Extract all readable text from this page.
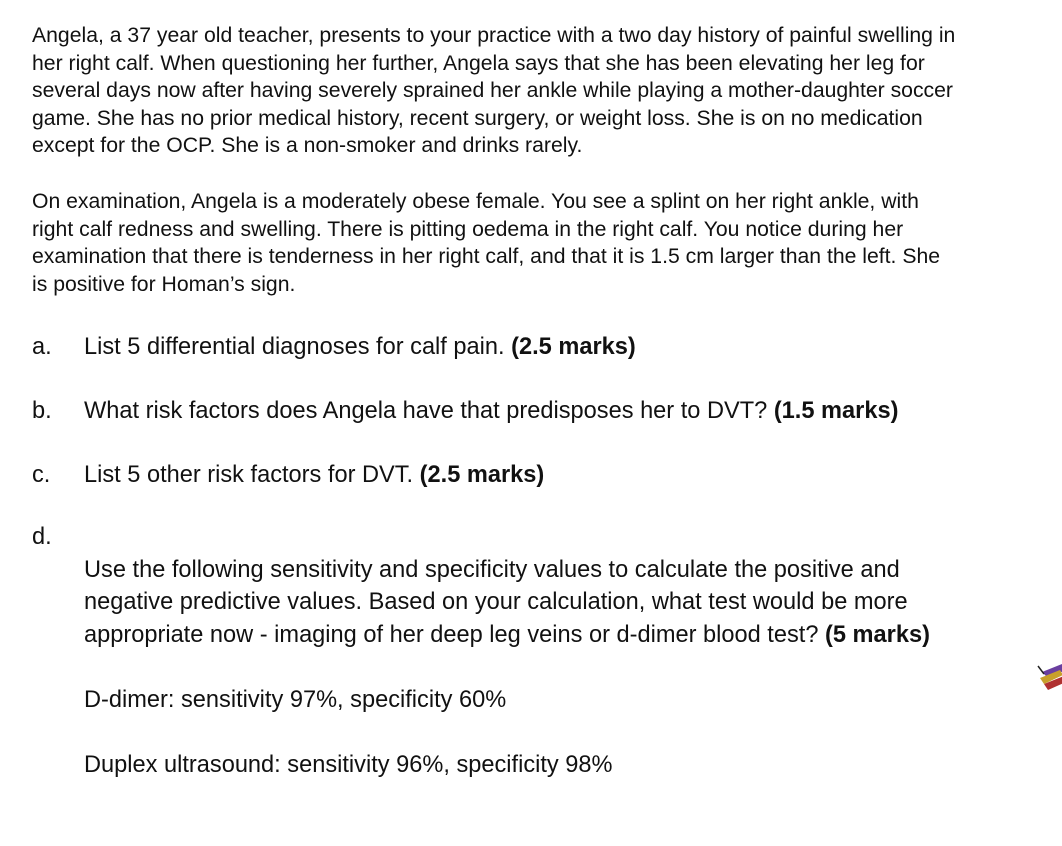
Angela, a 37 year old teacher, presents to your practice with a two day history of painful swelling in
her right calf. When questioning her further, Angela says that she has been elevating her leg for
several days now after having severely sprained her ankle while playing a mother-daughter soccer
game. She has no prior medical history, recent surgery, or weight loss. She is on no medication
except for the OCP. She is a non-smoker and drinks rarely.

On examination, Angela is a moderately obese female. You see a splint on her right ankle, with
right calf redness and swelling. There is pitting oedema in the right calf. You notice during her
examination that there is tenderness in her right calf, and that it is 1.5 cm larger than the left. She
is positive for Homan’s sign.

a.	List 5 differential diagnoses for calf pain. (2.5 marks)
b.	What risk factors does Angela have that predisposes her to DVT? (1.5 marks)
c.	List 5 other risk factors for DVT. (2.5 marks)
d.

Use the following sensitivity and specificity values to calculate the positive and
negative predictive values. Based on your calculation, what test would be more
appropriate now - imaging of her deep leg veins or d-dimer blood test? (5 marks)

D-dimer: sensitivity 97%, specificity 60%

Duplex ultrasound: sensitivity 96%, specificity 98%
